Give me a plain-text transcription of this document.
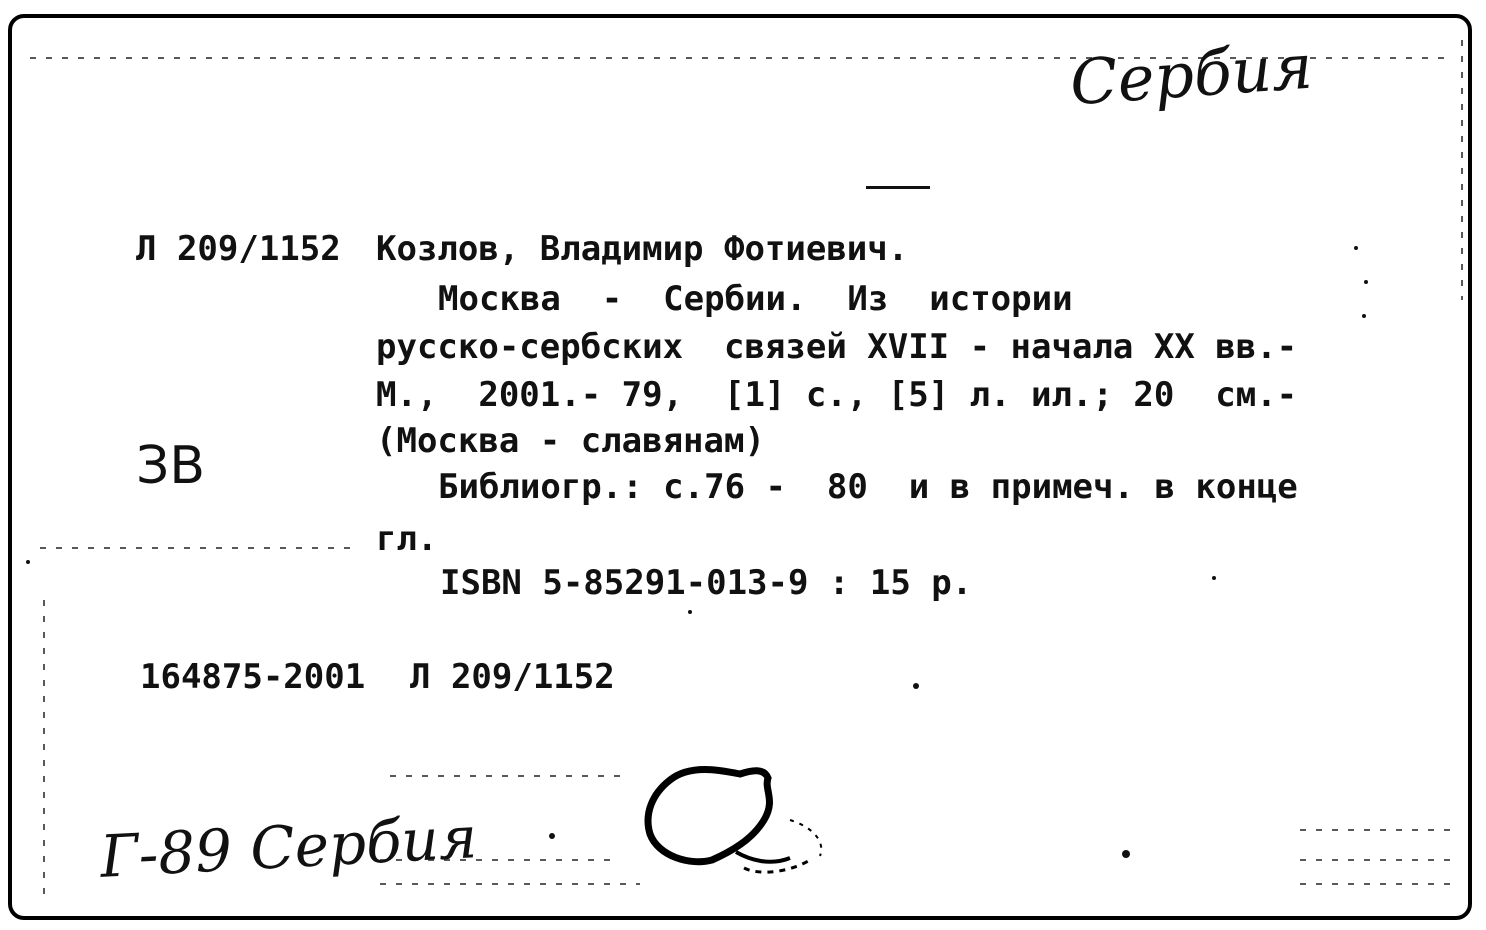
Сербия
ЗВ
Л 209/1152 Козлов, Владимир Фотиевич.
Москва  -  Сербии.  Из  истории
русско-сербских  связей XVII - начала XX вв.-
М.,  2001.- 79,  [1] с., [5] л. ил.; 20  см.-
(Москва - славянам)
Библиогр.: с.76 -  80  и в примеч. в конце
гл.
ISBN 5-85291-013-9 : 15 р.
164875-2001 Л 209/1152
Г-89 Сербия
